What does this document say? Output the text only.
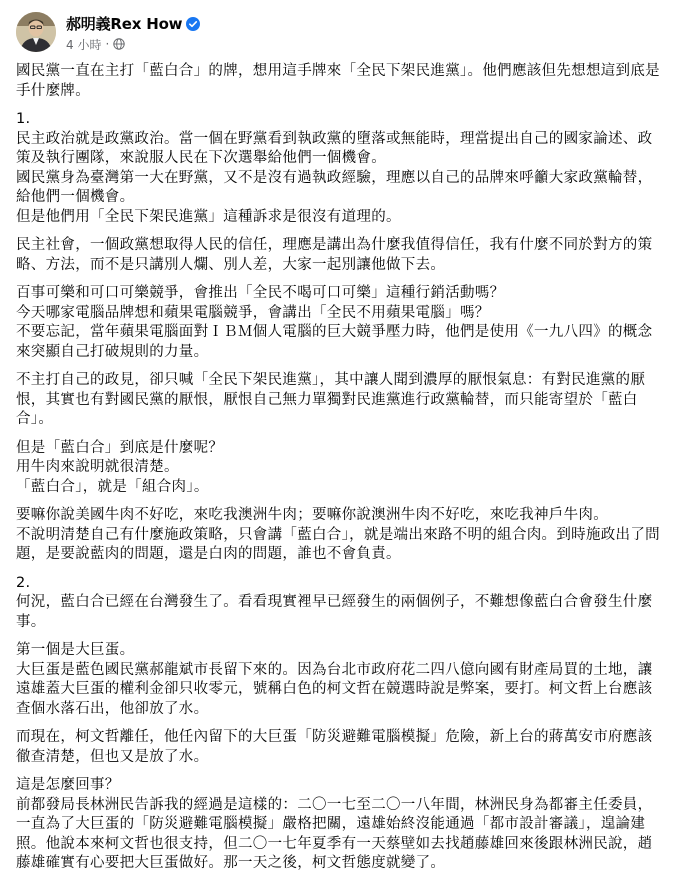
郝明義Rex How
4 小時 ·

國民黨一直在主打「藍白合」的牌，想用這手牌來「全民下架民進黨」。他們應該但先想想這到底是手什麼牌。

1.
民主政治就是政黨政治。當一個在野黨看到執政黨的墮落或無能時，理當提出自己的國家論述、政策及執行團隊，來說服人民在下次選舉給他們一個機會。
國民黨身為臺灣第一大在野黨，又不是沒有過執政經驗，理應以自己的品牌來呼籲大家政黨輪替，給他們一個機會。
但是他們用「全民下架民進黨」這種訴求是很沒有道理的。

民主社會，一個政黨想取得人民的信任，理應是講出為什麼我值得信任，我有什麼不同於對方的策略、方法，而不是只講別人爛、別人差，大家一起別讓他做下去。

百事可樂和可口可樂競爭，會推出「全民不喝可口可樂」這種行銷活動嗎？
今天哪家電腦品牌想和蘋果電腦競爭，會講出「全民不用蘋果電腦」嗎？
不要忘記，當年蘋果電腦面對ＩＢＭ個人電腦的巨大競爭壓力時，他們是使用《一九八四》的概念來突顯自己打破規則的力量。

不主打自己的政見，卻只喊「全民下架民進黨」，其中讓人聞到濃厚的厭恨氣息：有對民進黨的厭恨，其實也有對國民黨的厭恨，厭恨自己無力單獨對民進黨進行政黨輪替，而只能寄望於「藍白合」。

但是「藍白合」到底是什麼呢？
用牛肉來說明就很清楚。
「藍白合」，就是「組合肉」。

要嘛你說美國牛肉不好吃，來吃我澳洲牛肉；要嘛你說澳洲牛肉不好吃，來吃我神戶牛肉。
不說明清楚自己有什麼施政策略，只會講「藍白合」，就是端出來路不明的組合肉。到時施政出了問題，是要說藍肉的問題，還是白肉的問題，誰也不會負責。

2.
何況，藍白合已經在台灣發生了。看看現實裡早已經發生的兩個例子，不難想像藍白合會發生什麼事。

第一個是大巨蛋。
大巨蛋是藍色國民黨郝龍斌市長留下來的。因為台北市政府花二四八億向國有財產局買的土地，讓遠雄蓋大巨蛋的權利金卻只收零元，號稱白色的柯文哲在競選時說是弊案，要打。柯文哲上台應該查個水落石出，他卻放了水。

而現在，柯文哲離任，他任內留下的大巨蛋「防災避難電腦模擬」危險，新上台的蔣萬安市府應該徹查清楚，但也又是放了水。

這是怎麼回事？
前都發局長林洲民告訴我的經過是這樣的：二〇一七至二〇一八年間，林洲民身為都審主任委員，一直為了大巨蛋的「防災避難電腦模擬」嚴格把關，遠雄始終沒能通過「都市設計審議」，遑論建照。他說本來柯文哲也很支持，但二〇一七年夏季有一天蔡壁如去找趙藤雄回來後跟林洲民說，趙藤雄確實有心要把大巨蛋做好。那一天之後，柯文哲態度就變了。
